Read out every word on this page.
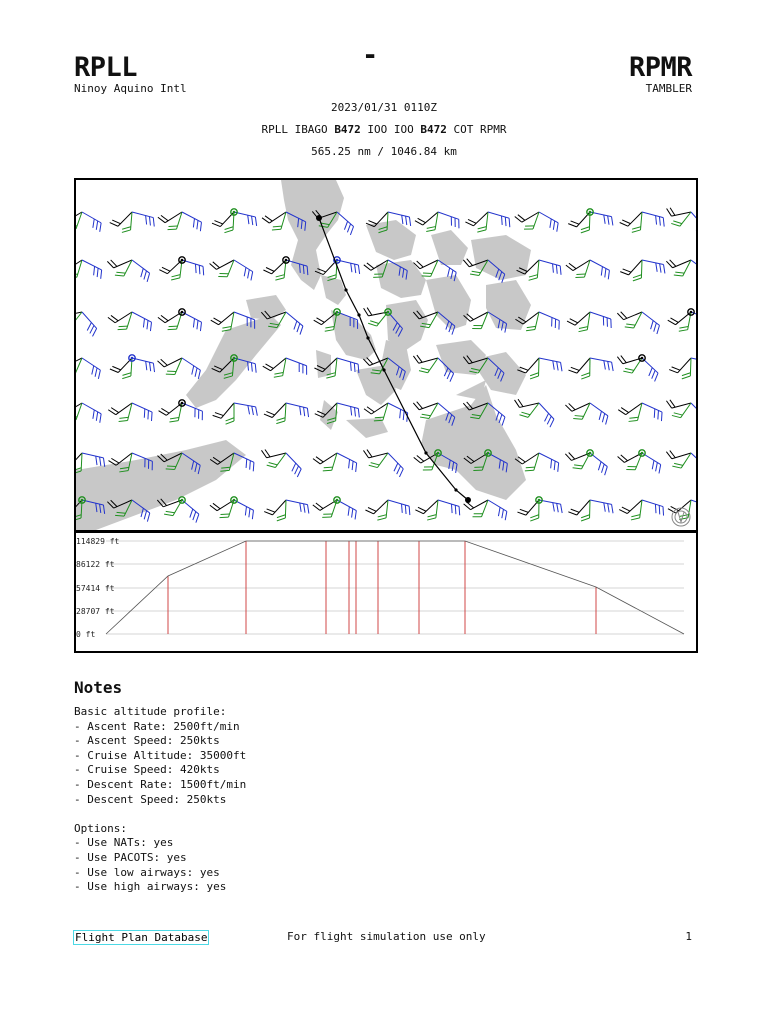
RPLL
Ninoy Aquino Intl
-	RPMR
TAMBLER
2023/01/31 0110Z
RPLL IBAGO B472 IOO IOO B472 COT RPMR
565.25 nm / 1046.84 km
114829 ft
86122 ft
57414 ft
28707 ft
0 ft
Notes
Basic altitude profile:
- Ascent Rate: 2500ft/min
- Ascent Speed: 250kts
- Cruise Altitude: 35000ft
- Cruise Speed: 420kts
- Descent Rate: 1500ft/min
- Descent Speed: 250kts

Options:
- Use NATs: yes
- Use PACOTS: yes
- Use low airways: yes
- Use high airways: yes
Flight Plan Database	For flight simulation use only	1
